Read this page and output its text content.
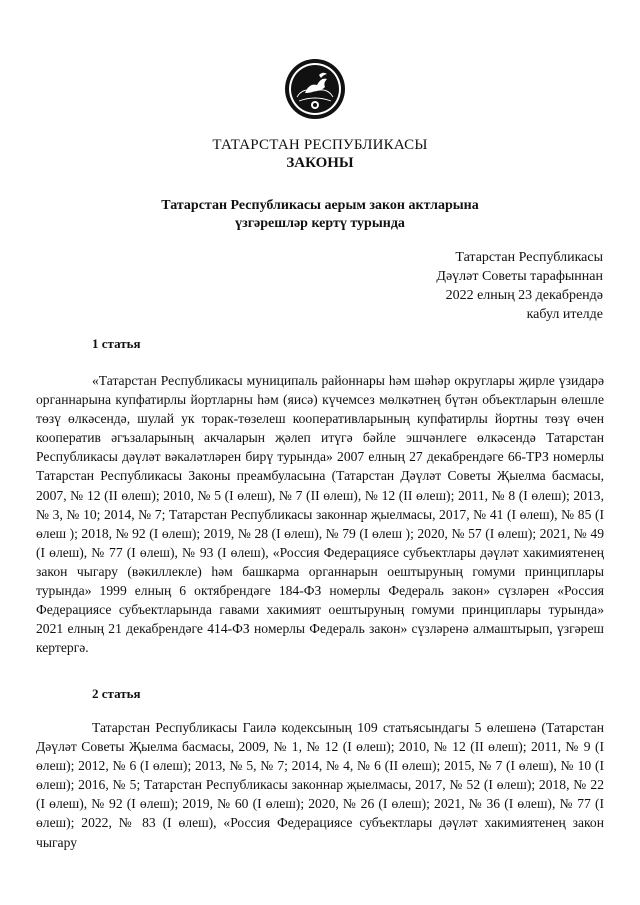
ТАТАРСТАН РЕСПУБЛИКАСЫ
ЗАКОНЫ
Татарстан Республикасы аерым закон актларына
үзгәрешләр кертү турында
Татарстан Республикасы
Дәүләт Советы тарафыннан
2022 елның 23 декабрендә
кабул ителде
1 статья

«Татарстан Республикасы муниципаль районнары һәм шәһәр округлары җирле үзидарә органнарына купфатирлы йортларны һәм (яисә) күчемсез мөлкәтнең бүтән объектларын өлешле төзү өлкәсендә, шулай ук торак-төзелеш кооперативларының купфатирлы йортны төзү өчен кооператив әгъзаларының акчаларын җәлеп итүгә бәйле эшчәнлеге өлкәсендә Татарстан Республикасы дәүләт вәкаләтләрен бирү турында» 2007 елның 27 декабрендәге 66-ТРЗ номерлы Татарстан Республикасы Законы преамбуласына (Татарстан Дәүләт Советы Җыелма басмасы, 2007, № 12 (II өлеш); 2010, № 5 (I өлеш), № 7 (II өлеш), № 12 (II өлеш); 2011, № 8 (I өлеш); 2013, № 3, № 10; 2014, № 7; Татарстан Республикасы законнар җыелмасы, 2017, № 41 (I өлеш), № 85 (I өлеш ); 2018, № 92 (I өлеш); 2019, № 28 (I өлеш), № 79 (I өлеш ); 2020, № 57 (I өлеш); 2021, № 49 (I өлеш), № 77 (I өлеш), № 93 (I өлеш), «Россия Федерациясе субъектлары дәүләт хакимиятенең закон чыгару (вәкиллекле) һәм башкарма органнарын оештыруның гомуми принциплары турында» 1999 елның 6 октябрендәге 184-ФЗ номерлы Федераль закон» сүзләрен «Россия Федерациясе субъектларында гавами хакимият оештыруның гомуми принциплары турында» 2021 елның 21 декабрендәге 414-ФЗ номерлы Федераль закон» сүзләренә алмаштырып, үзгәреш кертергә.

2 статья

Татарстан Республикасы Гаилә кодексының 109 статьясындагы 5 өлешенә (Татарстан Дәүләт Советы Җыелма басмасы, 2009, № 1, № 12 (I өлеш); 2010, № 12 (II өлеш); 2011, № 9 (I өлеш); 2012, № 6 (I өлеш); 2013, № 5, № 7; 2014, № 4, № 6 (II өлеш); 2015, № 7 (I өлеш), № 10 (I өлеш); 2016, № 5; Татарстан Республикасы законнар җыелмасы, 2017, № 52 (I өлеш); 2018, № 22 (I өлеш), № 92 (I өлеш); 2019, № 60 (I өлеш); 2020, № 26 (I өлеш); 2021, № 36 (I өлеш), № 77 (I өлеш); 2022, № 83 (I өлеш), «Россия Федерациясе субъектлары дәүләт хакимиятенең закон чыгару
